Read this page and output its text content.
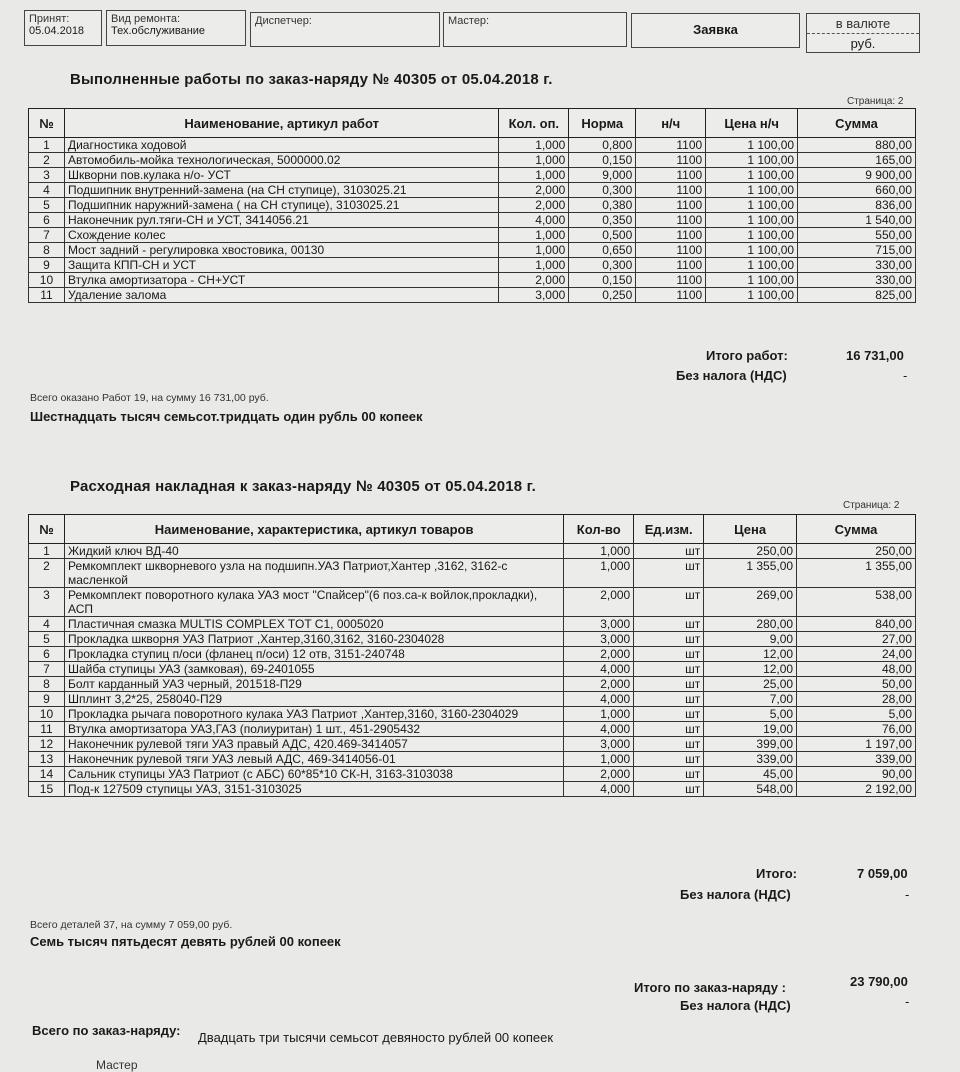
Принят:
05.04.2018
Вид ремонта:
Тех.обслуживание
Диспетчер:	Мастер:
Заявка	в валюте
руб.
Выполненные работы по заказ-наряду № 40305 от 05.04.2018 г.
Страница: 2
№	Наименование, артикул работ	Кол. оп.	Норма	н/ч	Цена н/ч	Сумма
1	Диагностика ходовой	1,000	0,800	1100	1 100,00	880,00
2	Автомобиль-мойка технологическая, 5000000.02	1,000	0,150	1100	1 100,00	165,00
3	Шкворни пов.кулака н/о- УСТ	1,000	9,000	1100	1 100,00	9 900,00
4	Подшипник внутренний-замена (на СН ступице), 3103025.21	2,000	0,300	1100	1 100,00	660,00
5	Подшипник наружний-замена ( на СН ступице), 3103025.21	2,000	0,380	1100	1 100,00	836,00
6	Наконечник рул.тяги-СН и УСТ, 3414056.21	4,000	0,350	1100	1 100,00	1 540,00
7	Схождение колес	1,000	0,500	1100	1 100,00	550,00
8	Мост задний - регулировка хвостовика, 00130	1,000	0,650	1100	1 100,00	715,00
9	Защита КПП-СН и УСТ	1,000	0,300	1100	1 100,00	330,00
10	Втулка амортизатора - СН+УСТ	2,000	0,150	1100	1 100,00	330,00
11	Удаление залома	3,000	0,250	1100	1 100,00	825,00
Итого работ:	16 731,00
Без налога (НДС)	-
Всего оказано Работ 19, на сумму 16 731,00 руб.
Шестнадцать тысяч семьсот.тридцать один рубль 00 копеек
Расходная накладная к заказ-наряду № 40305 от 05.04.2018 г.
Страница: 2
№	Наименование, характеристика, артикул товаров	Кол-во	Ед.изм.	Цена	Сумма
1	Жидкий ключ ВД-40	1,000	шт	250,00	250,00
2	Ремкомплект шкворневого узла на подшипн.УАЗ Патриот,Хантер ,3162, 3162-с масленкой	1,000	шт	1 355,00	1 355,00
3	Ремкомплект поворотного кулака УАЗ мост "Спайсер"(6 поз.са-к войлок,прокладки), АСП	2,000	шт	269,00	538,00
4	Пластичная смазка MULTIS COMPLEX TOT C1, 0005020	3,000	шт	280,00	840,00
5	Прокладка шкворня УАЗ Патриот ,Хантер,3160,3162, 3160-2304028	3,000	шт	9,00	27,00
6	Прокладка ступиц п/оси (фланец п/оси) 12 отв, 3151-240748	2,000	шт	12,00	24,00
7	Шайба ступицы УАЗ (замковая), 69-2401055	4,000	шт	12,00	48,00
8	Болт карданный УАЗ черный, 201518-П29	2,000	шт	25,00	50,00
9	Шплинт 3,2*25, 258040-П29	4,000	шт	7,00	28,00
10	Прокладка рычага поворотного кулака УАЗ Патриот ,Хантер,3160, 3160-2304029	1,000	шт	5,00	5,00
11	Втулка амортизатора УАЗ,ГАЗ (полиуритан) 1 шт., 451-2905432	4,000	шт	19,00	76,00
12	Наконечник рулевой тяги УАЗ правый АДС, 420.469-3414057	3,000	шт	399,00	1 197,00
13	Наконечник рулевой тяги УАЗ левый АДС, 469-3414056-01	1,000	шт	339,00	339,00
14	Сальник ступицы УАЗ Патриот (с АБС) 60*85*10 СК-Н, 3163-3103038	2,000	шт	45,00	90,00
15	Под-к 127509 ступицы УАЗ, 3151-3103025	4,000	шт	548,00	2 192,00
Итого:	7 059,00
Без налога (НДС)	-
Всего деталей 37, на сумму 7 059,00 руб.
Семь тысяч пятьдесят девять рублей 00 копеек
Итого по заказ-наряду :	23 790,00
Без налога (НДС)	-
Всего по заказ-наряду: Двадцать три тысячи семьсот девяносто рублей 00 копеек
Мастер
